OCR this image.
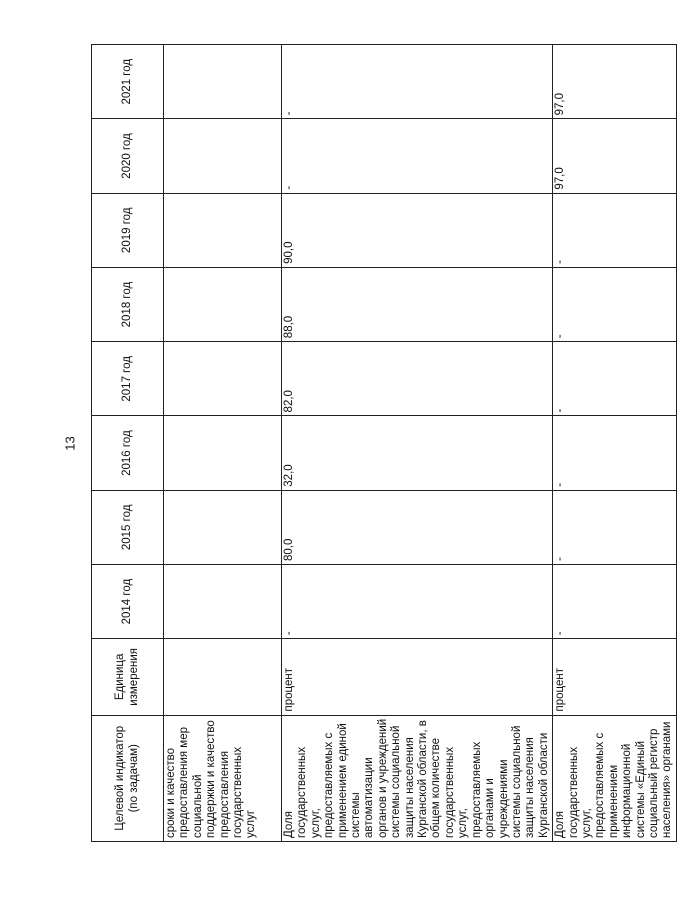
13
Целевой индикатор (по задачам)	Единица измерения	2014 год	2015 год	2016 год	2017 год	2018 год	2019 год	2020 год	2021 год
сроки и качество предоставления мер социальной поддержки и качество предоставления государственных услуг									
Доля государственных услуг, предоставляемых с применением единой системы автоматизации органов и учреждений системы социальной защиты населения Курганской области, в общем количестве государственных услуг, предоставляемых органами и учреждениями системы социальной защиты населения Курганской области	процент	-	80,0	32,0	82,0	88,0	90,0	-	-
Доля государственных услуг, предоставляемых с применением информационной системы «Единый социальный регистр населения» органами	процент	-	-	-	-	-	-	97,0	97,0
